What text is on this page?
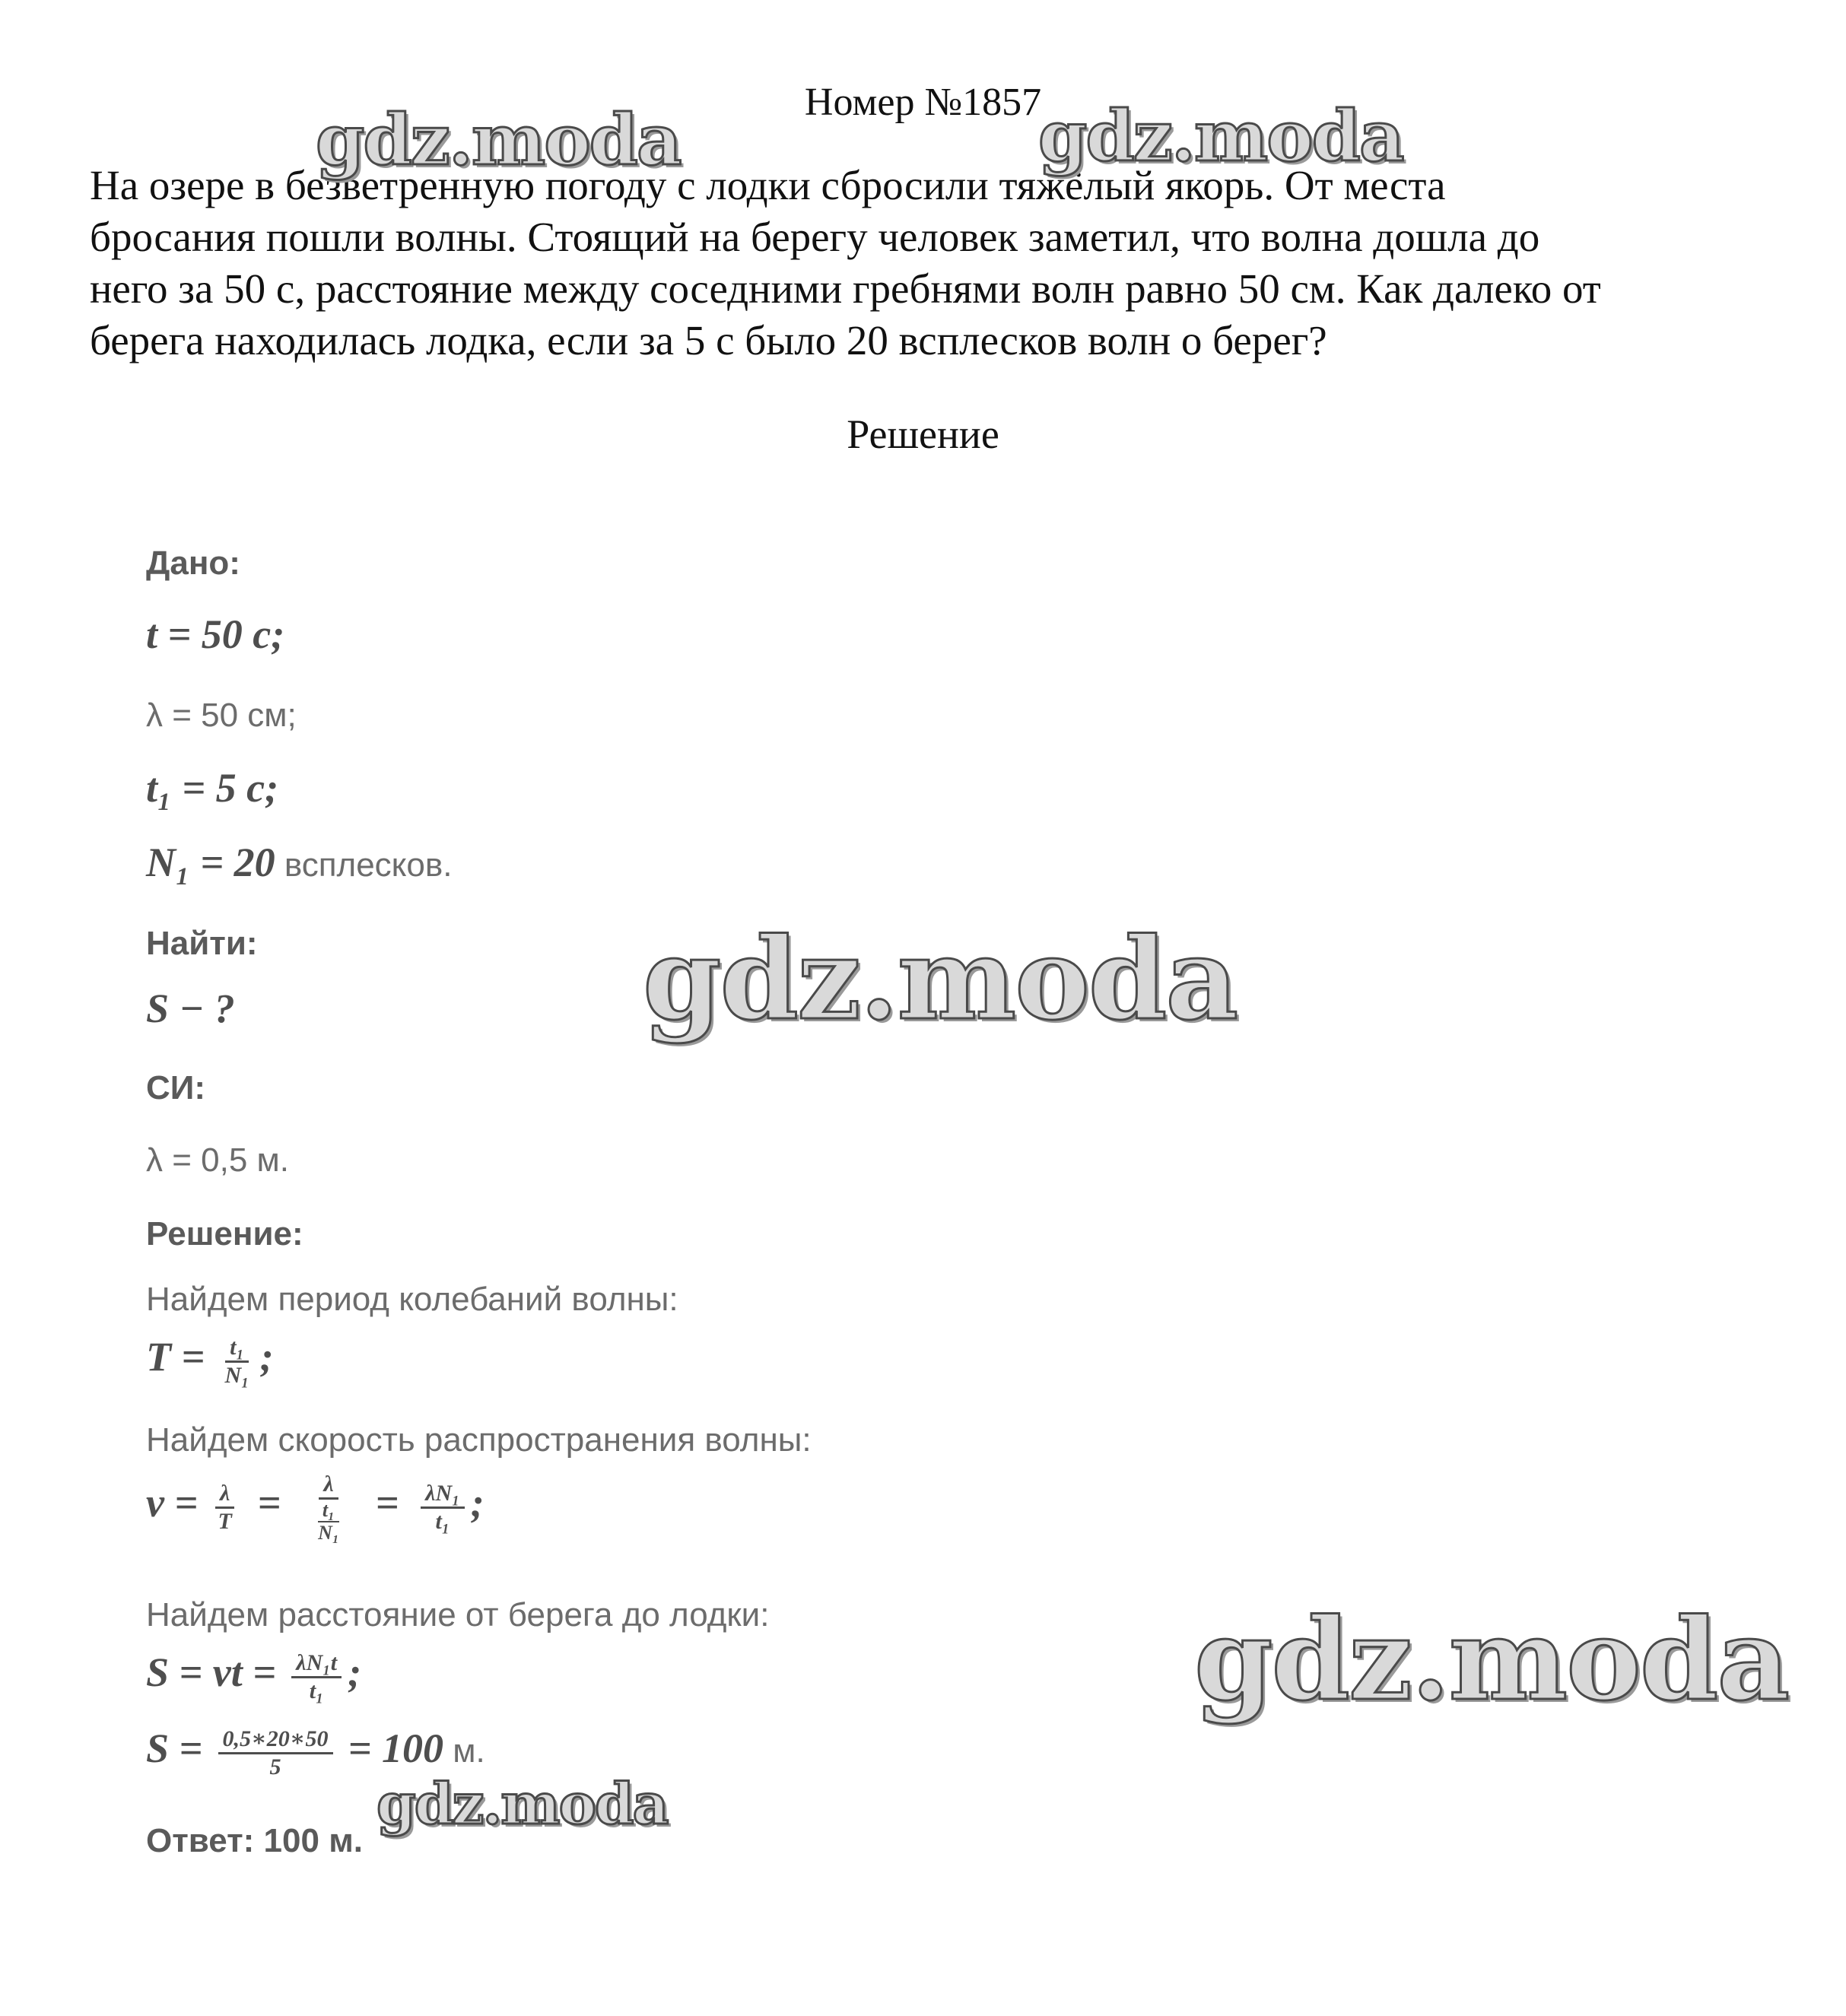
Номер №1857
На озере в безветренную погоду с лодки сбросили тяжёлый якорь. От места
бросания пошли волны. Стоящий на берегу человек заметил, что волна дошла до
него за 50 с, расстояние между соседними гребнями волн равно 50 см. Как далеко от
берега находилась лодка, если за 5 с было 20 всплесков волн о берег?
Решение
Дано:
t = 50 c;
λ = 50 см;
t₁ = 5 c;
N₁ = 20 всплесков.
Найти:
S − ?
СИ:
λ = 0,5 м.
Решение:
Найдем период колебаний волны:
$T = \frac{\text{t₁}}{\text{N₁}}$ ;
Найдем скорость распространения волны:
$v = \frac{\lambda}{T} = \frac{\lambda}{\frac{\text{t₁}}{\text{N₁}}} = \frac{\text{λN₁}}{\text{t₁}}$ ;
Найдем расстояние от берега до лодки:
S = vt = $\frac{\text{λN₁t}}{\text{t₁}}$ ;
$S = \frac{0,5∗20∗50}{5} = 100$ м.
Ответ: 100 м.
gdz.moda	gdz.moda
gdz.moda
gdz.moda
gdz.moda
